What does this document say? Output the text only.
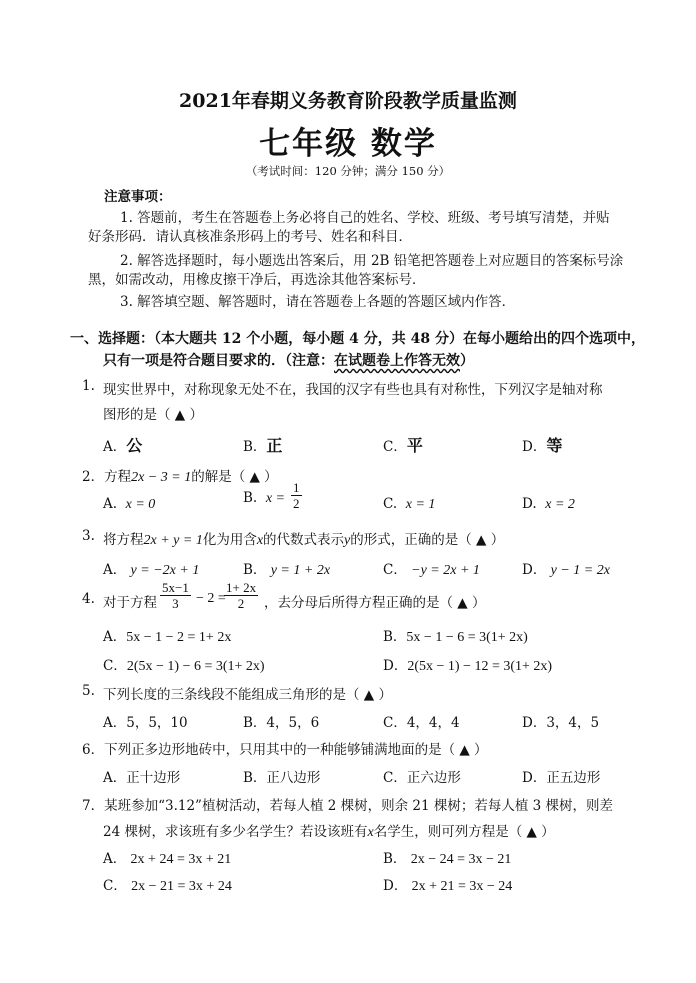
2021年春期义务教育阶段教学质量监测
七年级 数学
（考试时间：120 分钟；满分 150 分）
注意事项：
1. 答题前，考生在答题卷上务必将自己的姓名、学校、班级、考号填写清楚，并贴
好条形码．请认真核准条形码上的考号、姓名和科目．
2. 解答选择题时，每小题选出答案后，用 2B 铅笔把答题卷上对应题目的答案标号涂
黑，如需改动，用橡皮擦干净后，再选涂其他答案标号．
3. 解答填空题、解答题时，请在答题卷上各题的答题区域内作答．
一、选择题：（本大题共 12 个小题，每小题 4 分，共 48 分）在每小题给出的四个选项中，
只有一项是符合题目要求的．（注意：在试题卷上作答无效）
1. 现实世界中，对称现象无处不在，我国的汉字有些也具有对称性，下列汉字是轴对称
图形的是（ ▲ ）
A．公	B．正	C．平	D．等
2．方程2x − 3 = 1的解是（ ▲ ）
A. x = 0	B. $x = \frac{1}{2}$	C. x = 1	D. x = 2
3. 将方程2x + y = 1化为用含x的代数式表示y的形式，正确的是（ ▲ ）
A． y = −2x + 1	B． y = 1 + 2x	C． −y = 2x + 1	D． y − 1 = 2x
4. 对于方程 $\frac{5x-1}{3} - 2$ =
$\frac{1+ 2x}{2}$ ，去分母后所得方程正确的是（ ▲ ）
A．5x − 1 − 2 = 1+ 2x	B．5x − 1 − 6 = 3(1+ 2x)
C．2(5x − 1) − 6 = 3(1+ 2x)	D．2(5x − 1) − 12 = 3(1+ 2x)
5. 下列长度的三条线段不能组成三角形的是（ ▲ ）
A．5，5，10	B．4，5，6	C．4，4，4	D．3，4，5
6．下列正多边形地砖中，只用其中的一种能够铺满地面的是（ ▲ ）
A．正十边形	B．正八边形	C．正六边形	D．正五边形
7．某班参加“3.12”植树活动，若每人植 2 棵树，则余 21 棵树；若每人植 3 棵树，则差
24 棵树，求该班有多少名学生？若设该班有x名学生，则可列方程是（ ▲ ）
A． 2x + 24 = 3x + 21	B． 2x − 24 = 3x − 21
C． 2x − 21 = 3x + 24	D． 2x + 21 = 3x − 24
